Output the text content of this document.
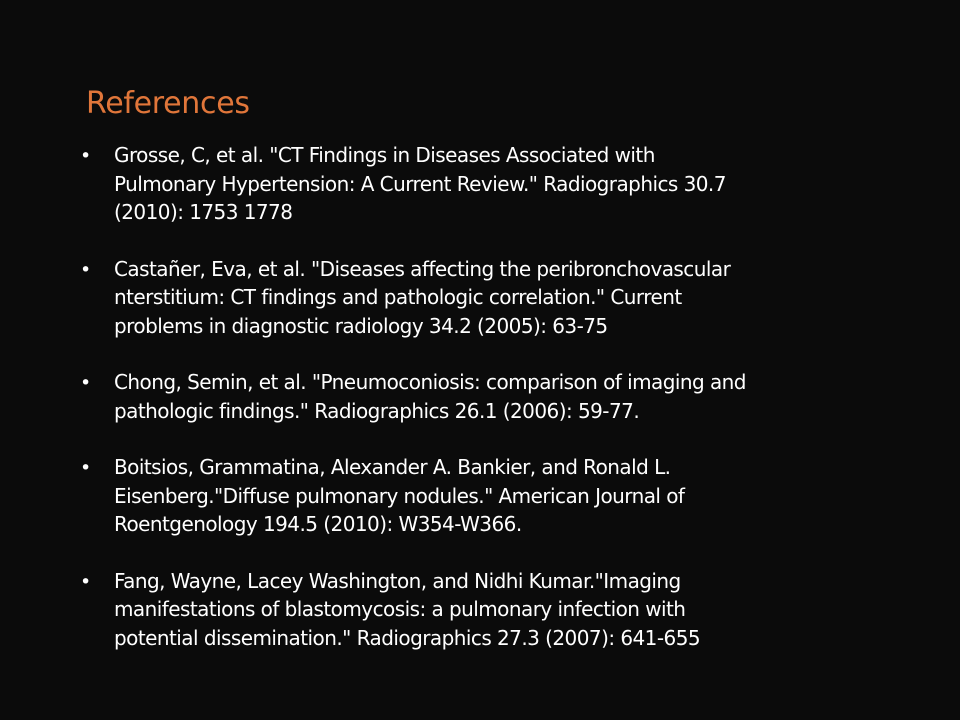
References
•	Grosse, C, et al. "CT Findings in Diseases Associated with
Pulmonary Hypertension: A Current Review." Radiographics 30.7
(2010): 1753 1778
•	Castañer, Eva, et al. "Diseases affecting the peribronchovascular
nterstitium: CT findings and pathologic correlation." Current
problems in diagnostic radiology 34.2 (2005): 63-75
•	Chong, Semin, et al. "Pneumoconiosis: comparison of imaging and
pathologic findings." Radiographics 26.1 (2006): 59-77.
•	Boitsios, Grammatina, Alexander A. Bankier, and Ronald L.
Eisenberg."Diffuse pulmonary nodules." American Journal of
Roentgenology 194.5 (2010): W354-W366.
•	Fang, Wayne, Lacey Washington, and Nidhi Kumar."Imaging
manifestations of blastomycosis: a pulmonary infection with
potential dissemination." Radiographics 27.3 (2007): 641-655
